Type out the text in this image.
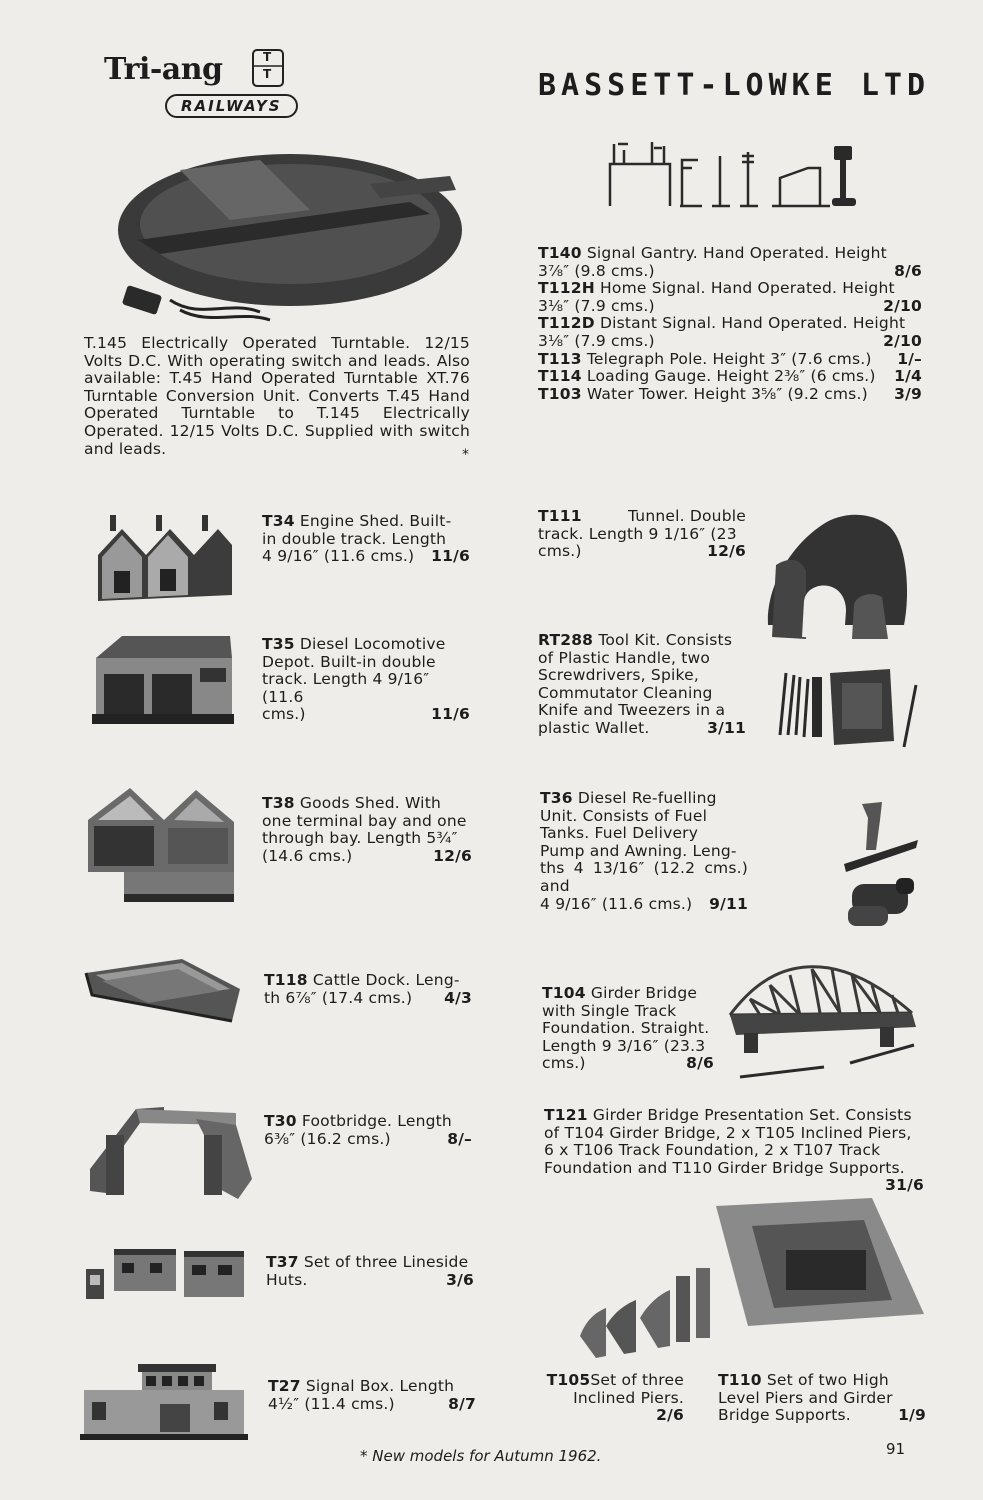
Tri-ang	T
T
RAILWAYS
BASSETT-LOWKE LTD
T.145 Electrically Operated Turntable. 12/15 Volts D.C. With operating switch and leads. Also available: T.45 Hand Operated Turntable XT.76 Turntable Conversion Unit. Converts T.45 Hand Operated Turntable to T.145 Electrically Operated. 12/15 Volts D.C. Supplied with switch and leads.	*
T140 Signal Gantry. Hand Operated. Height
3⅞″ (9.8 cms.)	8/6
T112H Home Signal. Hand Operated. Height
3⅛″ (7.9 cms.)	2/10
T112D Distant Signal. Hand Operated. Height
3⅛″ (7.9 cms.)	2/10
T113 Telegraph Pole. Height 3″ (7.6 cms.) 1/–
T114 Loading Gauge. Height 2⅜″ (6 cms.) 1/4
T103 Water Tower. Height 3⅝″ (9.2 cms.) 3/9
T34 Engine Shed. Built-
in double track. Length
4 9/16″ (11.6 cms.) 11/6
T35 Diesel Locomotive
Depot. Built-in double
track. Length 4 9/16″ (11.6
cms.)	11/6
T38 Goods Shed. With
one terminal bay and one
through bay. Length 5¾″
(14.6 cms.)	12/6
T118 Cattle Dock. Leng-
th 6⅞″ (17.4 cms.) 4/3
T30 Footbridge. Length
6⅜″ (16.2 cms.)	8/–
T37 Set of three Lineside
Huts.	3/6
T27 Signal Box. Length
4½″ (11.4 cms.)	8/7
T111	Tunnel. Double
track. Length 9 1/16″ (23
cms.)	12/6
RT288 Tool Kit. Consists
of Plastic Handle, two
Screwdrivers, Spike,
Commutator Cleaning
Knife and Tweezers in a
plastic Wallet.	3/11
T36 Diesel Re-fuelling
Unit. Consists of Fuel
Tanks. Fuel Delivery
Pump and Awning. Leng-
ths 4 13/16″ (12.2 cms.) and
4 9/16″ (11.6 cms.) 9/11
T104 Girder Bridge
with Single Track
Foundation. Straight.
Length 9 3/16″ (23.3
cms.)	8/6
T121 Girder Bridge Presentation Set. Consists
of T104 Girder Bridge, 2 x T105 Inclined Piers,
6 x T106 Track Foundation, 2 x T107 Track
Foundation and T110 Girder Bridge Supports.
31/6
T105Set of three
Inclined Piers.
2/6
T110 Set of two High
Level Piers and Girder
Bridge Supports.	1/9
* New models for Autumn 1962.	91
